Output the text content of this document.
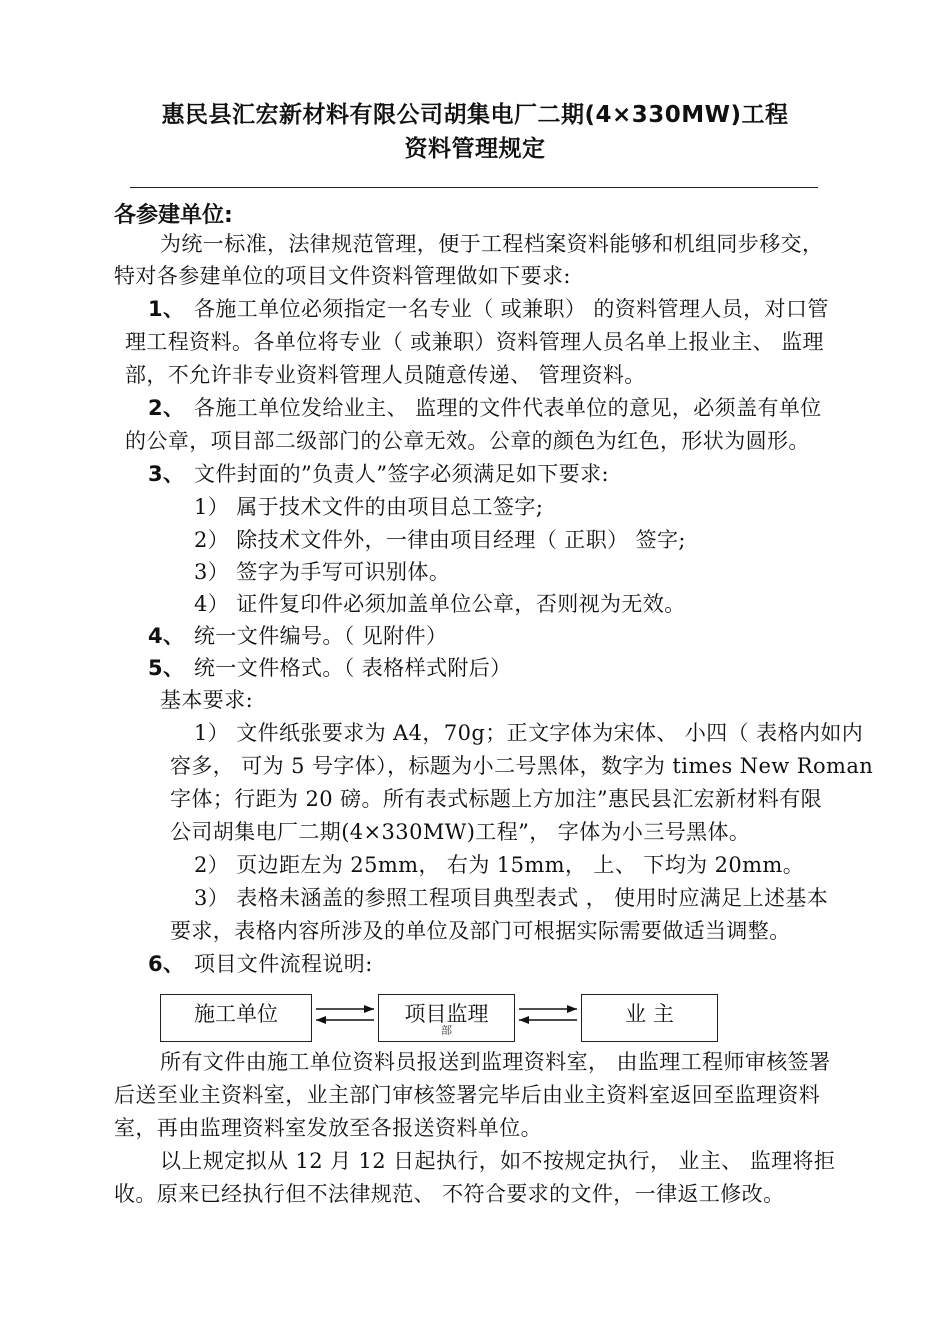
惠民县汇宏新材料有限公司胡集电厂二期(4×330MW)工程
资料管理规定
各参建单位:
为统一标准，法律规范管理，便于工程档案资料能够和机组同步移交，
特对各参建单位的项目文件资料管理做如下要求:
1、 各施工单位必须指定一名专业（ 或兼职） 的资料管理人员，对口管
理工程资料。各单位将专业（ 或兼职）资料管理人员名单上报业主、 监理
部，不允许非专业资料管理人员随意传递、 管理资料。
2、 各施工单位发给业主、 监理的文件代表单位的意见，必须盖有单位
的公章，项目部二级部门的公章无效。公章的颜色为红色，形状为圆形。
3、 文件封面的”负责人”签字必须满足如下要求:
1） 属于技术文件的由项目总工签字;
2） 除技术文件外，一律由项目经理（ 正职） 签字;
3） 签字为手写可识别体。
4） 证件复印件必须加盖单位公章，否则视为无效。
4、 统一文件编号。（ 见附件）
5、 统一文件格式。（ 表格样式附后）
基本要求:
1） 文件纸张要求为 A4，70g；正文字体为宋体、 小四（ 表格内如内
容多， 可为 5 号字体），标题为小二号黑体，数字为 times New Roman
字体；行距为 20 磅。所有表式标题上方加注”惠民县汇宏新材料有限
公司胡集电厂二期(4×330MW)工程”， 字体为小三号黑体。
2） 页边距左为 25mm， 右为 15mm， 上、 下均为 20mm。
3） 表格未涵盖的参照工程项目典型表式 ， 使用时应满足上述基本
要求，表格内容所涉及的单位及部门可根据实际需要做适当调整。
6、 项目文件流程说明:
施工单位	项目监理
部
业 主
所有文件由施工单位资料员报送到监理资料室， 由监理工程师审核签署
后送至业主资料室，业主部门审核签署完毕后由业主资料室返回至监理资料
室，再由监理资料室发放至各报送资料单位。
以上规定拟从 12 月 12 日起执行，如不按规定执行， 业主、 监理将拒
收。原来已经执行但不法律规范、 不符合要求的文件，一律返工修改。
